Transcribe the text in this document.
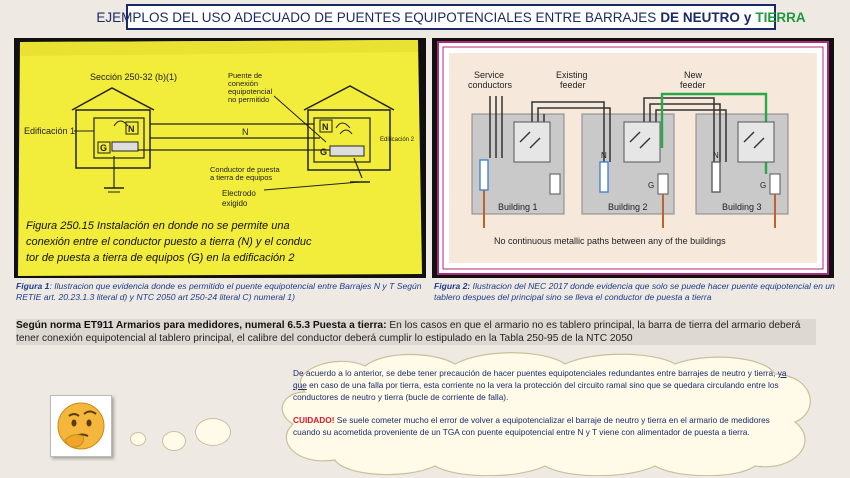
EJEMPLOS DEL USO ADECUADO DE PUENTES EQUIPOTENCIALES ENTRE BARRAJES DE NEUTRO y TIERRA
Sección 250-32 (b)(1)
N
G
Edificación 1	N
G
Edificación 2
N
Puente de conexión equipotencial no permitido
Conductor de puesta a tierra de equipos
Electrodo exigido
Figura 250.15 Instalación en donde no se permite una
conexión entre el conductor puesto a tierra (N) y el conduc
tor de puesta a tierra de equipos (G) en la edificación 2
Service conductors
Existing feeder
New feeder
Building 1	Building 2	Building 3
N	N
G	G
No continuous metallic paths between any of the buildings
Figura 1: Ilustracion que evidencia donde es permitido el puente equipotencial entre Barrajes N y T Según RETIE art. 20.23.1.3 literal d) y NTC 2050 art 250-24 literal C) numeral 1)
Figura 2: Ilustracion del NEC 2017 donde evidencia que solo se puede hacer puente equipotencial en un tablero despues del principal sino se lleva el conductor de puesta a tierra
Según norma ET911 Armarios para medidores, numeral 6.5.3 Puesta a tierra: En los casos en que el armario no es tablero principal, la barra de tierra del armario deberá tener conexión equipotencial al tablero principal, el calibre del conductor deberá cumplir lo estipulado en la Tabla 250-95 de la NTC 2050
De acuerdo a lo anterior, se debe tener precaución de hacer puentes equipotenciales redundantes entre barrajes de neutro y tierra, ya que en caso de una falla por tierra, esta corriente no la vera la protección del circuito ramal sino que se quedara circulando entre los conductores de neutro y tierra (bucle de corriente de falla).
CUIDADO! Se suele cometer mucho el error de volver a equipotencializar el barraje de neutro y tierra en el armario de medidores cuando su acometida proveniente de un TGA con puente equipotencial entre N y T viene con alimentador de puesta a tierra.
